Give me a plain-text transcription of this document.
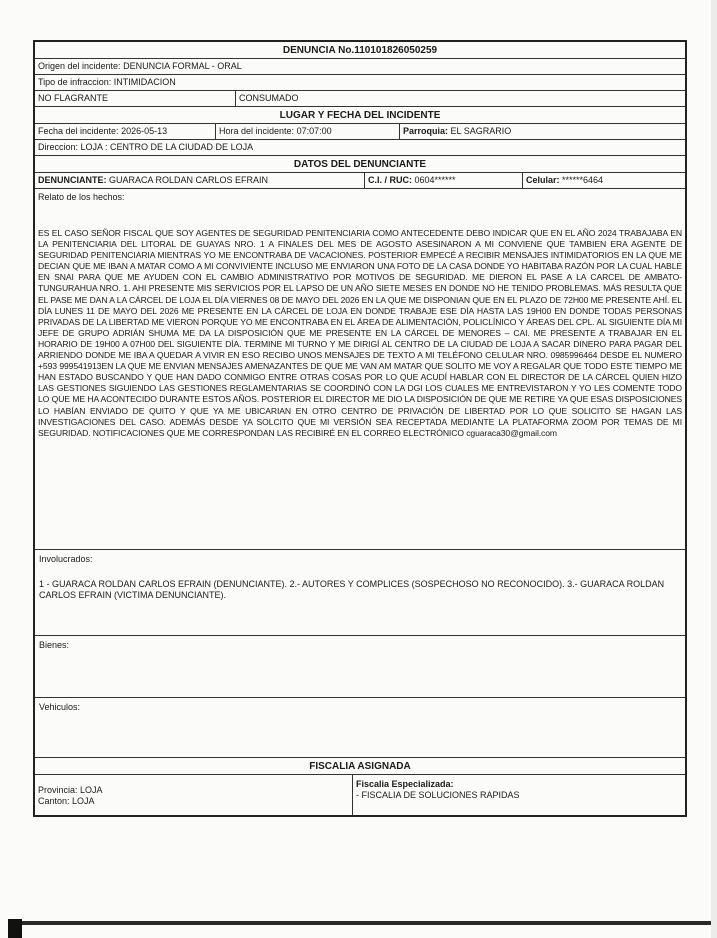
DENUNCIA No.110101826050259
Origen del incidente: DENUNCIA FORMAL - ORAL
Tipo de infraccion: INTIMIDACION
NO FLAGRANTE	CONSUMADO
LUGAR Y FECHA DEL INCIDENTE
Fecha del incidente: 2026-05-13	Hora del incidente: 07:07:00	Parroquia: EL SAGRARIO
Direccion: LOJA : CENTRO DE LA CIUDAD DE LOJA
DATOS DEL DENUNCIANTE
DENUNCIANTE: GUARACA ROLDAN CARLOS EFRAIN	C.I. / RUC: 0604******	Celular: ******6464
Relato de los hechos:
ES EL CASO SEÑOR FISCAL QUE SOY AGENTES DE SEGURIDAD PENITENCIARIA COMO ANTECEDENTE DEBO INDICAR QUE EN EL AÑO 2024 TRABAJABA EN LA PENITENCIARIA DEL LITORAL DE GUAYAS NRO. 1 A FINALES DEL MES DE AGOSTO ASESINARON A MI CONVIENE QUE TAMBIEN ERA AGENTE DE SEGURIDAD PENITENCIARIA MIENTRAS YO ME ENCONTRABA DE VACACIONES. POSTERIOR EMPECÉ A RECIBIR MENSAJES INTIMIDATORIOS EN LA QUE ME DECIAN QUE ME IBAN A MATAR COMO A MI CONVIVIENTE INCLUSO ME ENVIARON UNA FOTO DE LA CASA DONDE YO HABITABA RAZÓN POR LA CUAL HABLE EN SNAI PARA QUE ME AYUDEN CON EL CAMBIO ADMINISTRATIVO POR MOTIVOS DE SEGURIDAD. ME DIERON EL PASE A LA CARCEL DE AMBATO-TUNGURAHUA NRO. 1. AHI PRESENTE MIS SERVICIOS POR EL LAPSO DE UN AÑO SIETE MESES EN DONDE NO HE TENIDO PROBLEMAS. MÁS RESULTA QUE EL PASE ME DAN A LA CÁRCEL DE LOJA EL DÍA VIERNES 08 DE MAYO DEL 2026 EN LA QUE ME DISPONIAN QUE EN EL PLAZO DE 72H00 ME PRESENTE AHÍ. EL DÍA LUNES 11 DE MAYO DEL 2026 ME PRESENTE EN LA CÁRCEL DE LOJA EN DONDE TRABAJE ESE DÍA HASTA LAS 19H00 EN DONDE TODAS PERSONAS PRIVADAS DE LA LIBERTAD ME VIERON PORQUE YO ME ENCONTRABA EN EL ÁREA DE ALIMENTACIÓN, POLICLÍNICO Y ÁREAS DEL CPL. AL SIGUIENTE DÍA MI JEFE DE GRUPO ADRIÁN SHUMA ME DA LA DISPOSICIÓN QUE ME PRESENTE EN LA CÁRCEL DE MENORES – CAI. ME PRESENTE A TRABAJAR EN EL HORARIO DE 19H00 A 07H00 DEL SIGUIENTE DÍA. TERMINE MI TURNO Y ME DIRIGÍ AL CENTRO DE LA CIUDAD DE LOJA A SACAR DINERO PARA PAGAR DEL ARRIENDO DONDE ME IBA A QUEDAR A VIVIR EN ESO RECIBO UNOS MENSAJES DE TEXTO A MI TELÉFONO CELULAR NRO. 0985996464 DESDE EL NUMERO +593 999541913EN LA QUE ME ENVIAN MENSAJES AMENAZANTES DE QUE ME VAN AM MATAR QUE SOLITO ME VOY A REGALAR QUE TODO ESTE TIEMPO ME HAN ESTADO BUSCANDO Y QUE HAN DADO CONMIGO ENTRE OTRAS COSAS POR LO QUE ACUDÍ HABLAR CON EL DIRECTOR DE LA CÁRCEL QUIEN HIZO LAS GESTIONES SIGUIENDO LAS GESTIONES REGLAMENTARIAS SE COORDINÓ CON LA DGI LOS CUALES ME ENTREVISTARON Y YO LES COMENTE TODO LO QUE ME HA ACONTECIDO DURANTE ESTOS AÑOS. POSTERIOR EL DIRECTOR ME DIO LA DISPOSICIÓN DE QUE ME RETIRE YA QUE ESAS DISPOSICIONES LO HABÍAN ENVIADO DE QUITO Y QUE YA ME UBICARIAN EN OTRO CENTRO DE PRIVACIÓN DE LIBERTAD POR LO QUE SOLICITO SE HAGAN LAS INVESTIGACIONES DEL CASO. ADEMÁS DESDE YA SOLCITO QUE MI VERSIÓN SEA RECEPTADA MEDIANTE LA PLATAFORMA ZOOM POR TEMAS DE MI SEGURIDAD. NOTIFICACIONES QUE ME CORRESPONDAN LAS RECIBIRÉ EN EL CORREO ELECTRÓNICO cguaraca30@gmail.com
Involucrados:
1 - GUARACA ROLDAN CARLOS EFRAIN (DENUNCIANTE). 2.- AUTORES Y COMPLICES (SOSPECHOSO NO RECONOCIDO). 3.- GUARACA ROLDAN CARLOS EFRAIN (VICTIMA DENUNCIANTE).
Bienes:
Vehiculos:
FISCALIA ASIGNADA
Provincia: LOJA
Canton: LOJA
Fiscalia Especializada:
- FISCALIA DE SOLUCIONES RAPIDAS
